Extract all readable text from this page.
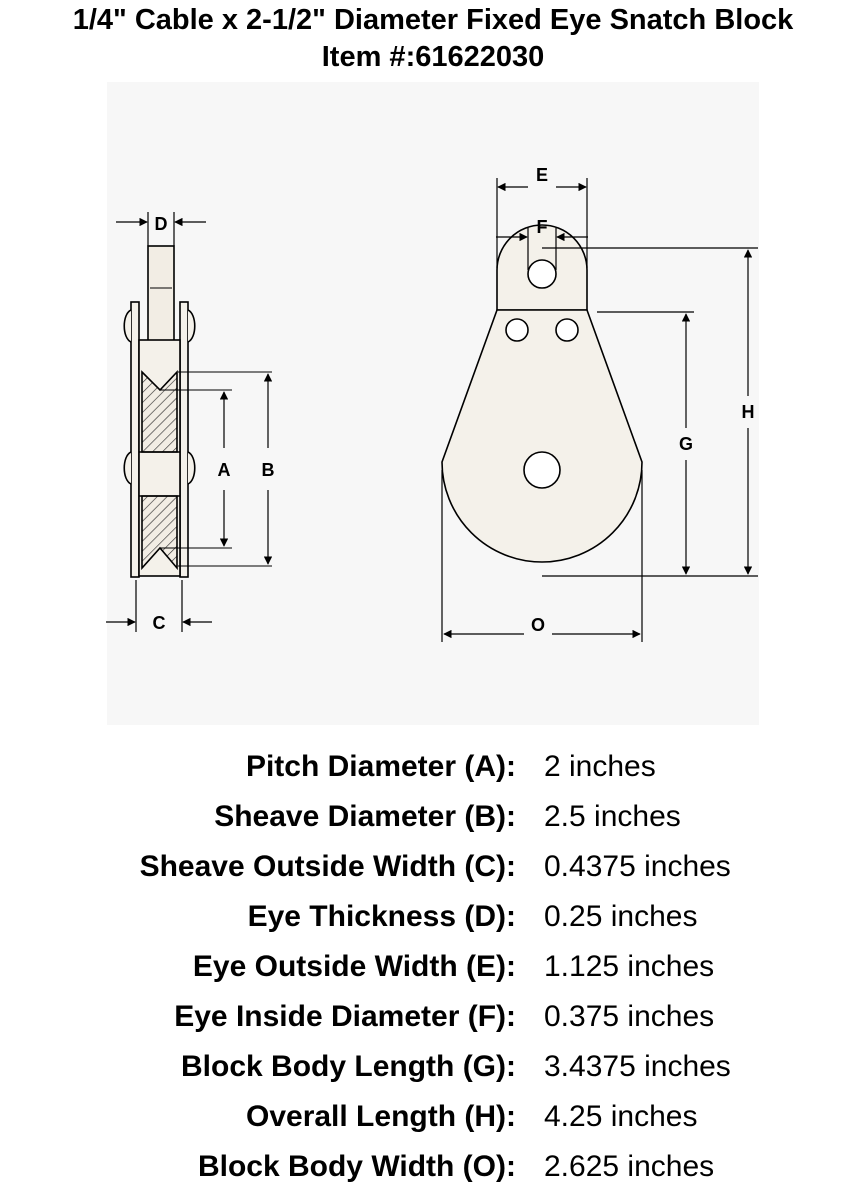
1/4" Cable x 2-1/2" Diameter Fixed Eye Snatch Block
Item #:61622030
D
C
A B
E
F
H
G
O
Pitch Diameter (A): 2 inches
Sheave Diameter (B): 2.5 inches
Sheave Outside Width (C): 0.4375 inches
Eye Thickness (D): 0.25 inches
Eye Outside Width (E): 1.125 inches
Eye Inside Diameter (F): 0.375 inches
Block Body Length (G): 3.4375 inches
Overall Length (H): 4.25 inches
Block Body Width (O): 2.625 inches
